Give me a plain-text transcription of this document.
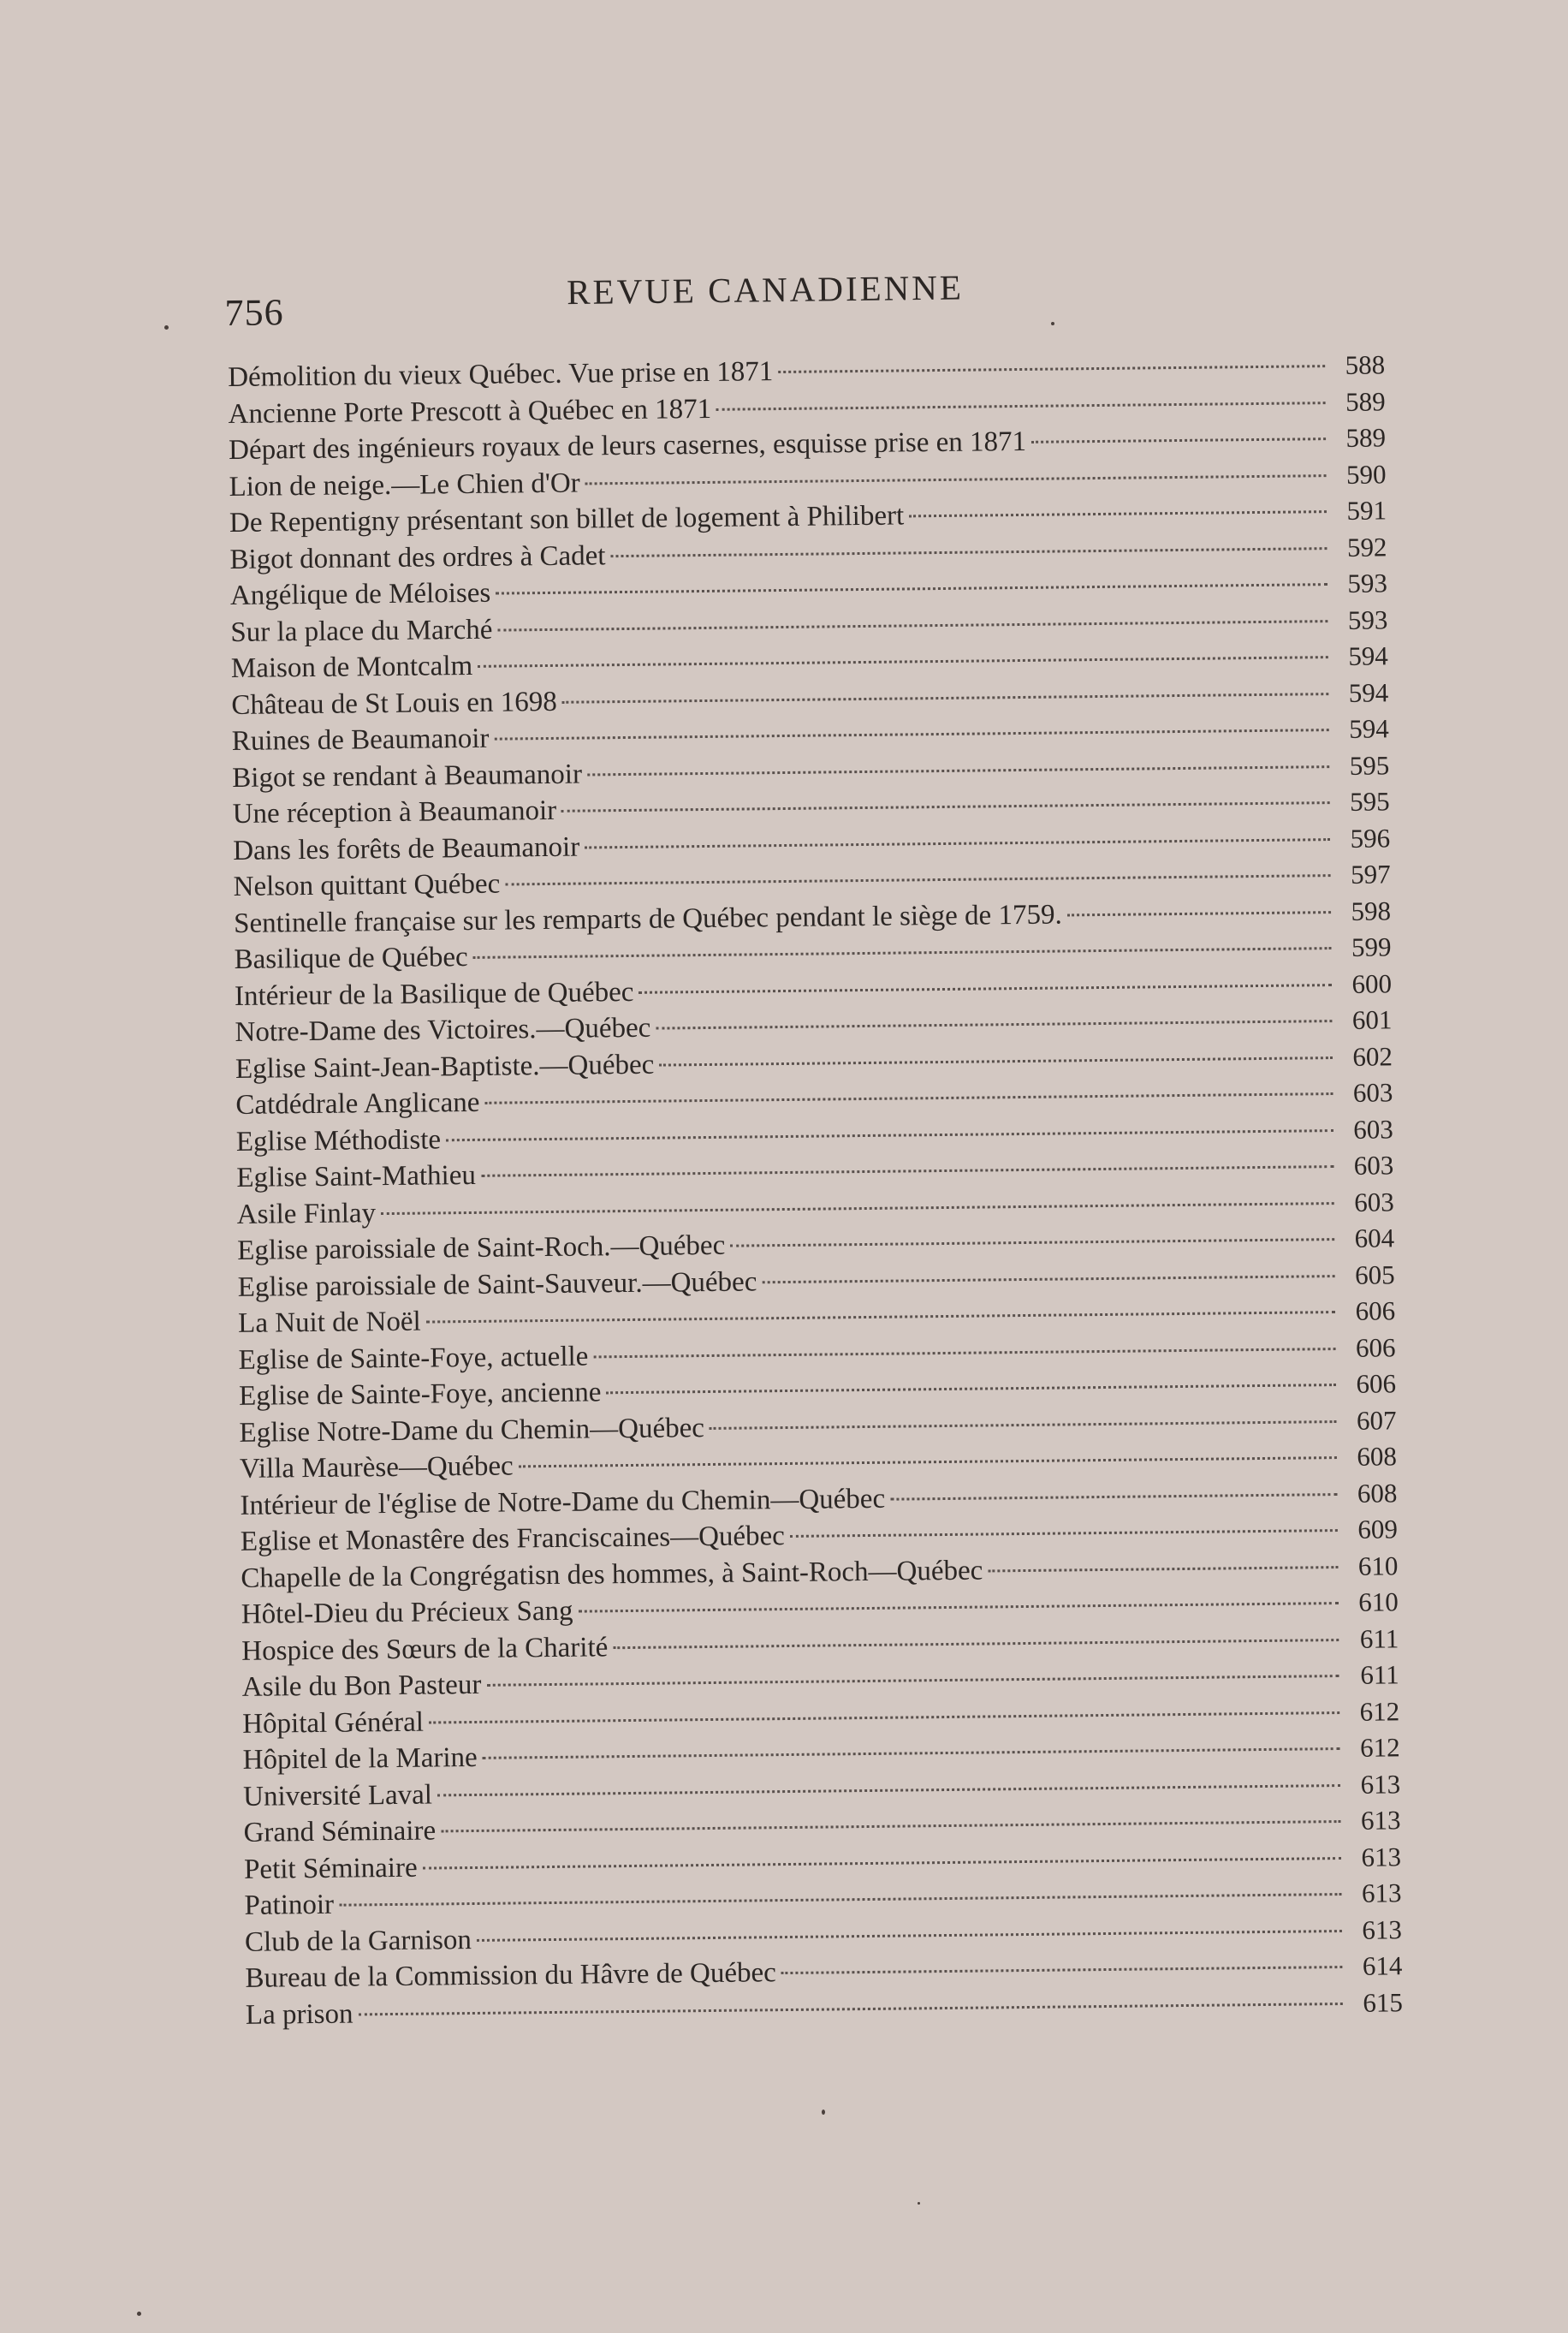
756
REVUE CANADIENNE
Démolition du vieux Québec. Vue prise en 1871	588
Ancienne Porte Prescott à Québec en 1871	589
Départ des ingénieurs royaux de leurs casernes, esquisse prise en 1871	589
Lion de neige.—Le Chien d'Or	590
De Repentigny présentant son billet de logement à Philibert	591
Bigot donnant des ordres à Cadet	592
Angélique de Méloises	593
Sur la place du Marché	593
Maison de Montcalm	594
Château de St Louis en 1698	594
Ruines de Beaumanoir	594
Bigot se rendant à Beaumanoir	595
Une réception à Beaumanoir	595
Dans les forêts de Beaumanoir	596
Nelson quittant Québec	597
Sentinelle française sur les remparts de Québec pendant le siège de 1759.	598
Basilique de Québec	599
Intérieur de la Basilique de Québec	600
Notre-Dame des Victoires.—Québec	601
Eglise Saint-Jean-Baptiste.—Québec	602
Catdédrale Anglicane	603
Eglise Méthodiste	603
Eglise Saint-Mathieu	603
Asile Finlay	603
Eglise paroissiale de Saint-Roch.—Québec	604
Eglise paroissiale de Saint-Sauveur.—Québec	605
La Nuit de Noël	606
Eglise de Sainte-Foye, actuelle	606
Eglise de Sainte-Foye, ancienne	606
Eglise Notre-Dame du Chemin—Québec	607
Villa Maurèse—Québec	608
Intérieur de l'église de Notre-Dame du Chemin—Québec	608
Eglise et Monastêre des Franciscaines—Québec	609
Chapelle de la Congrégatisn des hommes, à Saint-Roch—Québec	610
Hôtel-Dieu du Précieux Sang	610
Hospice des Sœurs de la Charité	611
Asile du Bon Pasteur	611
Hôpital Général	612
Hôpitel de la Marine	612
Université Laval	613
Grand Séminaire	613
Petit Séminaire	613
Patinoir	613
Club de la Garnison	613
Bureau de la Commission du Hâvre de Québec	614
La prison	615
